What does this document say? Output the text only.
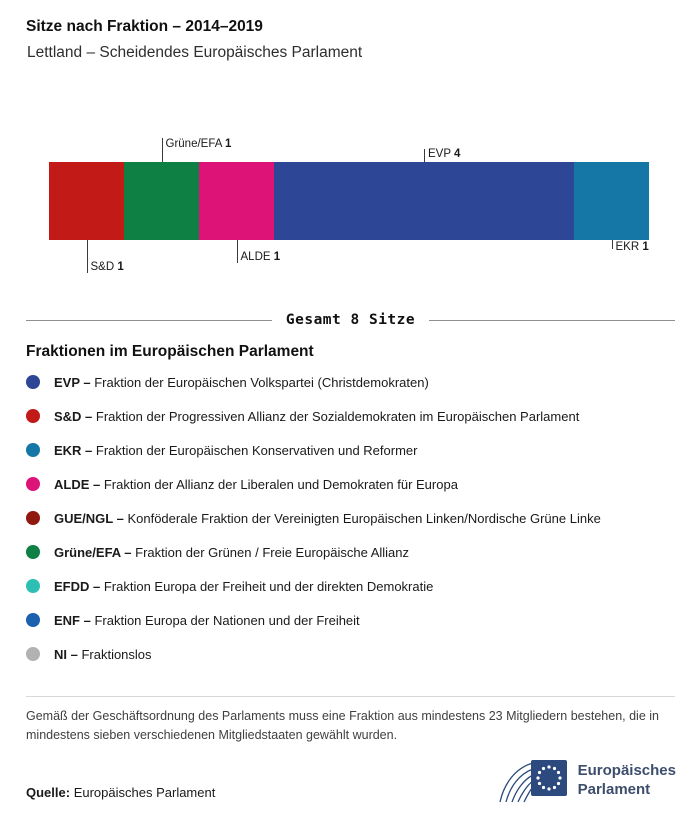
Sitze nach Fraktion – 2014–2019
Lettland – Scheidendes Europäisches Parlament
S&D 1
Grüne/EFA 1
ALDE 1
EVP 4
EKR 1
Gesamt 8 Sitze
Fraktionen im Europäischen Parlament
EVP – Fraktion der Europäischen Volkspartei (Christdemokraten)
S&D – Fraktion der Progressiven Allianz der Sozialdemokraten im Europäischen Parlament
EKR – Fraktion der Europäischen Konservativen und Reformer
ALDE – Fraktion der Allianz der Liberalen und Demokraten für Europa
GUE/NGL – Konföderale Fraktion der Vereinigten Europäischen Linken/Nordische Grüne Linke
Grüne/EFA – Fraktion der Grünen / Freie Europäische Allianz
EFDD – Fraktion Europa der Freiheit und der direkten Demokratie
ENF – Fraktion Europa der Nationen und der Freiheit
NI – Fraktionslos

Gemäß der Geschäftsordnung des Parlaments muss eine Fraktion aus mindestens 23 Mitgliedern bestehen, die in mindestens sieben verschiedenen Mitgliedstaaten gewählt wurden.

Quelle: Europäisches Parlament

Europäisches
Parlament
